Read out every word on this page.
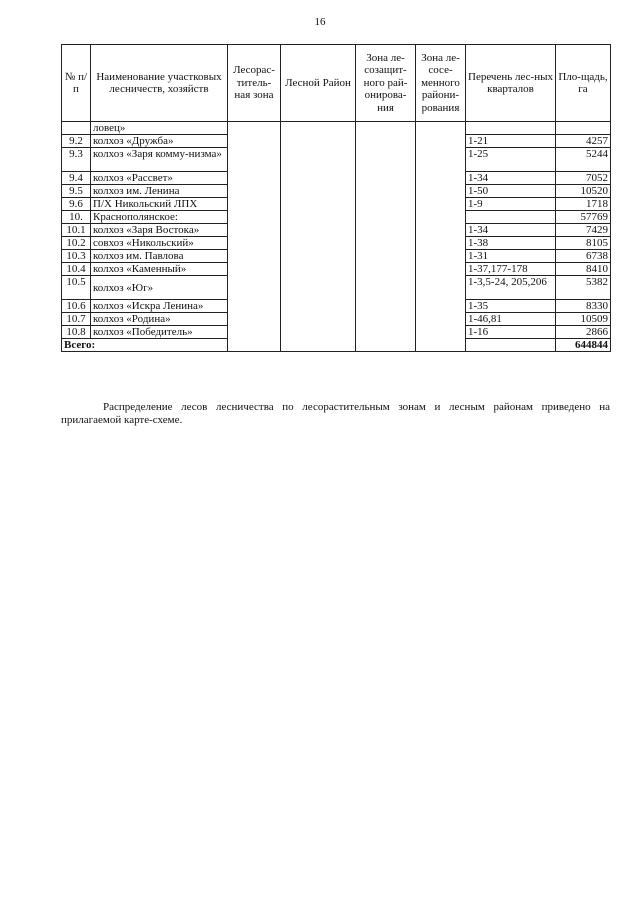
16
№ п/п	Наименование участковых лесничеств, хозяйств	Лесорас-титель-ная зона	Лесной Район	Зона ле-созащит-ного рай-онирова-ния	Зона ле-сосе-менного райони-рования	Перечень лес-ных кварталов	Пло-щадь, га
	ловец»						
9.2	колхоз «Дружба»					1-21	4257
9.3	колхоз «Заря комму-низма»					1-25	5244
9.4	колхоз «Рассвет»					1-34	7052
9.5	колхоз им. Ленина					1-50	10520
9.6	П/Х Никольский ЛПХ					1-9	1718
10.	Краснополянское:						57769
10.1	колхоз «Заря Востока»					1-34	7429
10.2	совхоз «Никольский»					1-38	8105
10.3	колхоз им. Павлова					1-31	6738
10.4	колхоз «Каменный»					1-37,177-178	8410
10.5	колхоз «Юг»					1-3,5-24, 205,206	5382
10.6	колхоз «Искра Ленина»					1-35	8330
10.7	колхоз «Родина»					1-46,81	10509
10.8	колхоз «Победитель»					1-16	2866
Всего:							644844

Распределение лесов лесничества по лесорастительным зонам и лесным районам приведено на прилагаемой карте-схеме.
